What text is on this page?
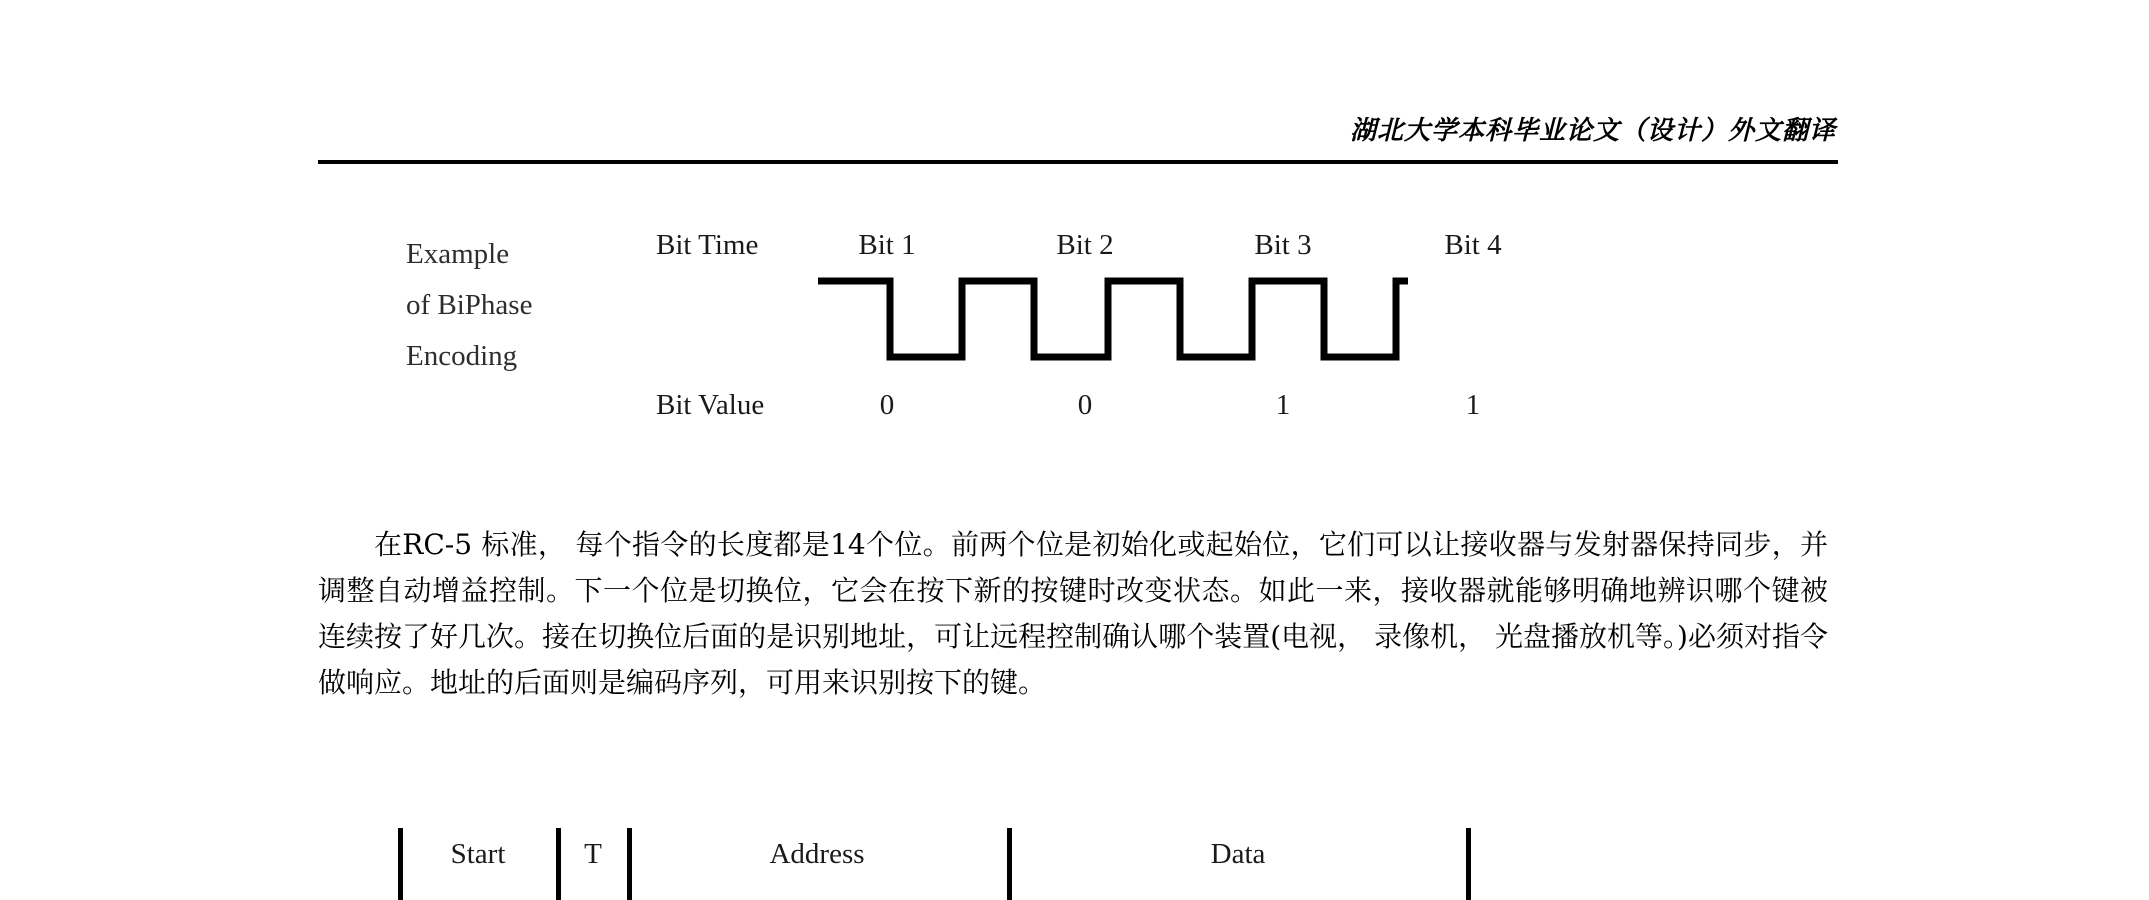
湖北大学本科毕业论文（设计）外文翻译
Example
of BiPhase
Encoding
Bit Time
Bit Value
Bit 1	Bit 2	Bit 3	Bit 4
0	0	1	1

在RC-5 标准， 每个指令的长度都是14个位。前两个位是初始化或起始位，它们可以让接收器与发射器保持同步，并调整自动增益控制。下一个位是切换位，它会在按下新的按键时改变状态。如此一来，接收器就能够明确地辨识哪个键被连续按了好几次。接在切换位后面的是识别地址，可让远程控制确认哪个装置(电视， 录像机， 光盘播放机等。)必须对指令做响应。地址的后面则是编码序列，可用来识别按下的键。

Start	T	Address	Data
